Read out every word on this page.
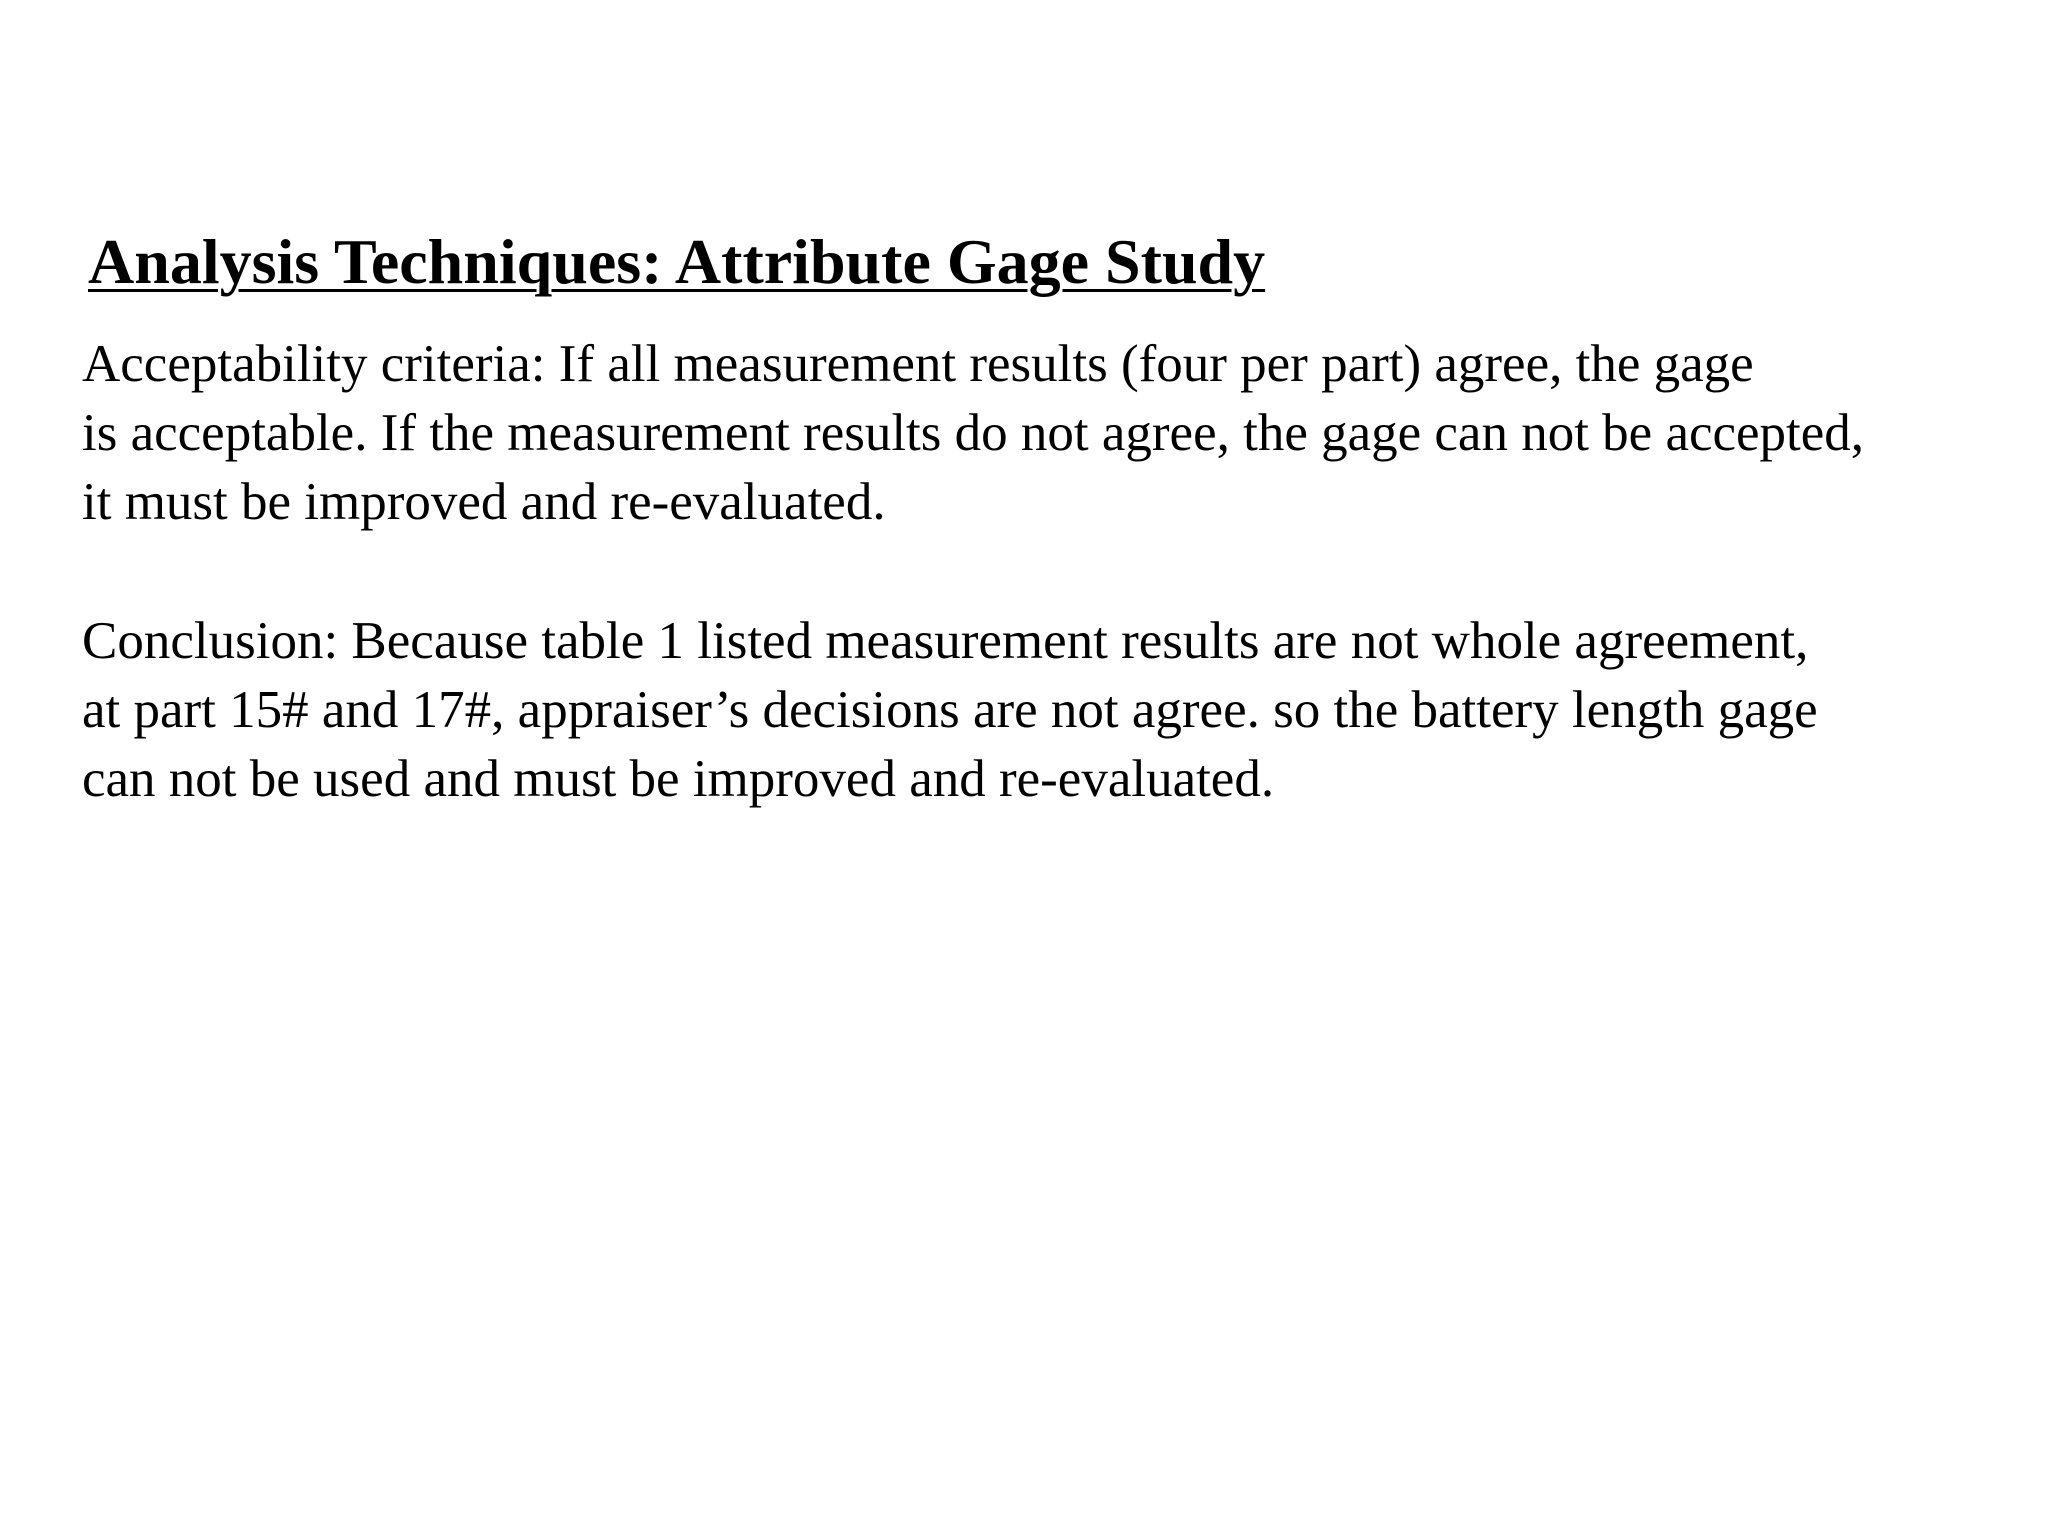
Analysis Techniques: Attribute Gage Study

Acceptability criteria: If all measurement results (four per part) agree, the gage
is acceptable. If the measurement results do not agree, the gage can not be accepted,
it must be improved and re-evaluated.

Conclusion: Because table 1 listed measurement results are not whole agreement,
at part 15# and 17#, appraiser’s decisions are not agree. so the battery length gage
can not be used and must be improved and re-evaluated.
